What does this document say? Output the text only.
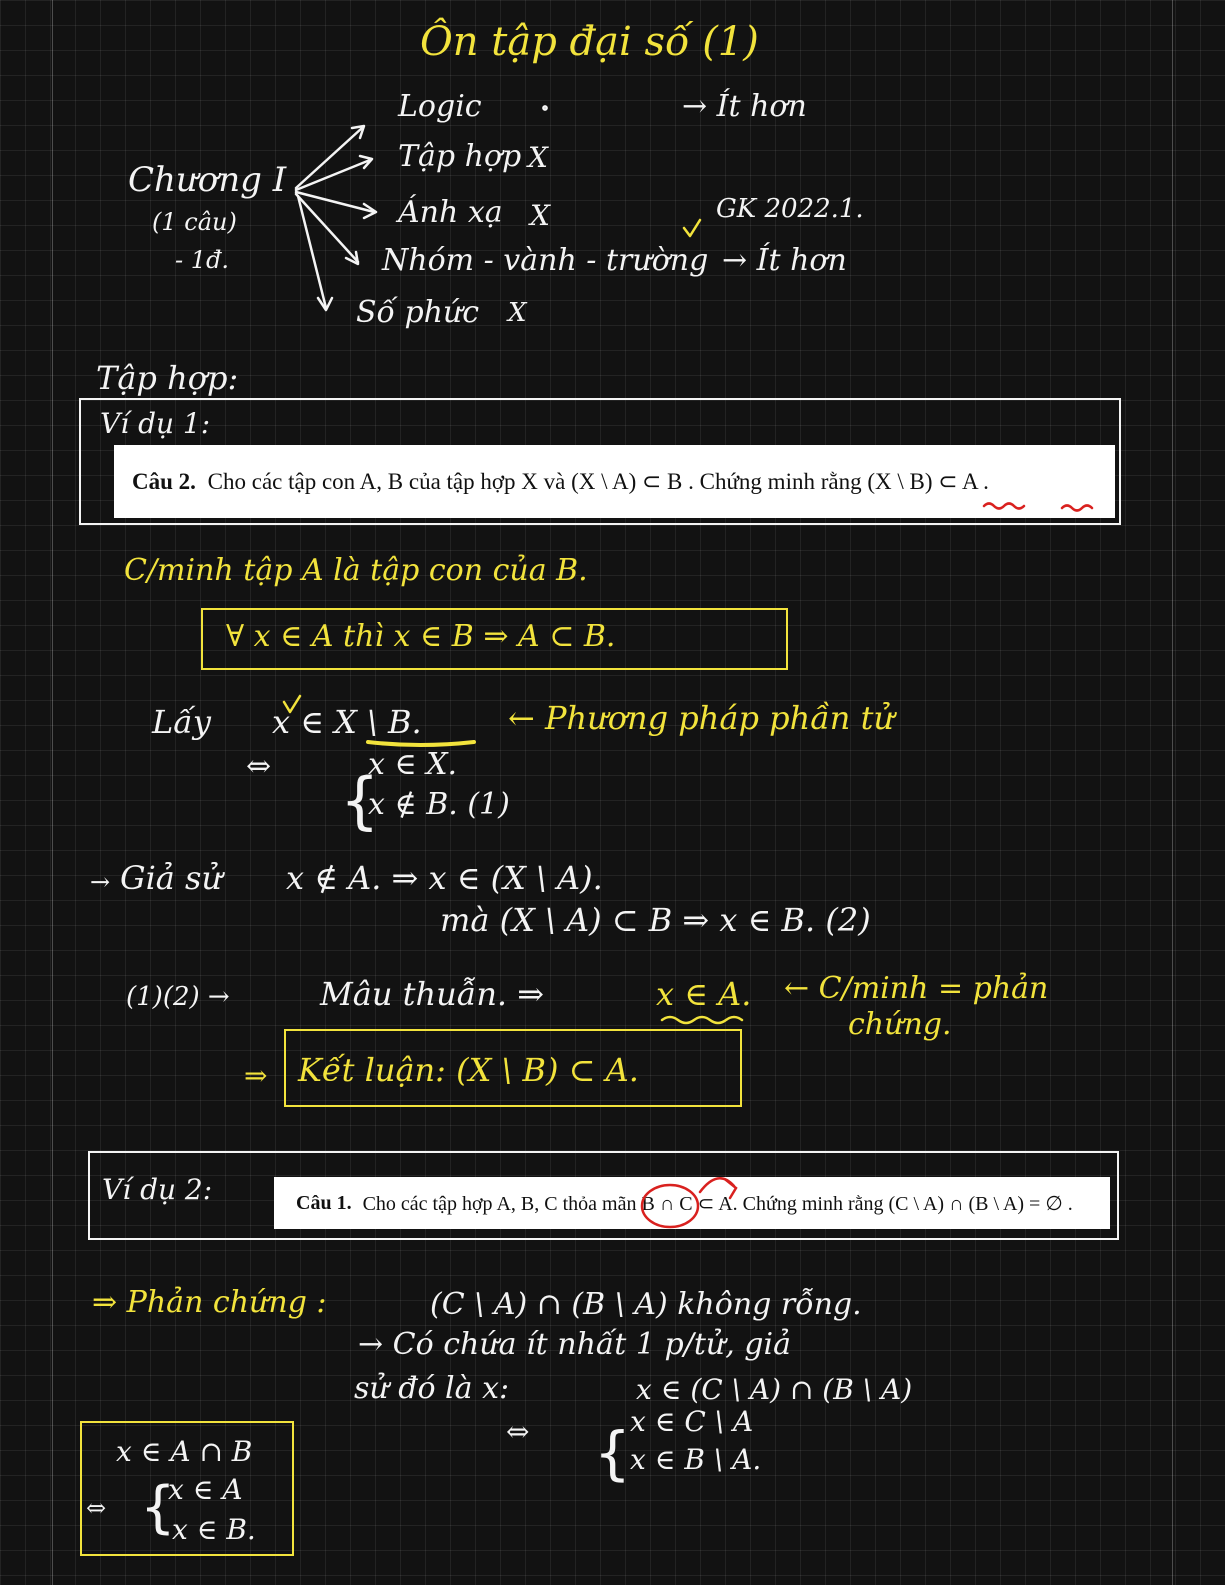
Ôn tập đại số (1)
Chương I
(1 câu)
- 1đ.
Logic	→ Ít hơn
Tập hợp X
Ánh xạ X	GK 2022.1.
Nhóm - vành - trường → Ít hơn
Số phức X
Tập hợp:
Ví dụ 1:
Câu 2. Cho các tập con A, B của tập hợp X và (X \ A) ⊂ B . Chứng minh rằng (X \ B) ⊂ A .
C/minh tập A là tập con của B.
∀ x ∈ A thì x ∈ B ⇒ A ⊂ B.
Lấy x ∈ X \ B.	← Phương pháp phần tử
⇔ {
x ∈ X.
x ∉ B. (1)
→ Giả sử x ∉ A. ⇒ x ∈ (X \ A).
mà (X \ A) ⊂ B ⇒ x ∈ B. (2)
(1)(2) →	Mâu thuẫn. ⇒	x ∈ A. ← C/minh = phản
chứng.
⇒ Kết luận: (X \ B) ⊂ A.
Ví dụ 2:	Câu 1. Cho các tập hợp A, B, C thỏa mãn B ∩ C ⊂ A. Chứng minh rằng (C \ A) ∩ (B \ A) = ∅ .
⇒ Phản chứng :	(C \ A) ∩ (B \ A) không rỗng.
→ Có chứa ít nhất 1 p/tử, giả
sử đó là x:	x ∈ (C \ A) ∩ (B \ A)
⇔ { x ∈ C \ A
x ∈ B \ A.
x ∈ A ∩ B
⇔ {
x ∈ A
x ∈ B.
